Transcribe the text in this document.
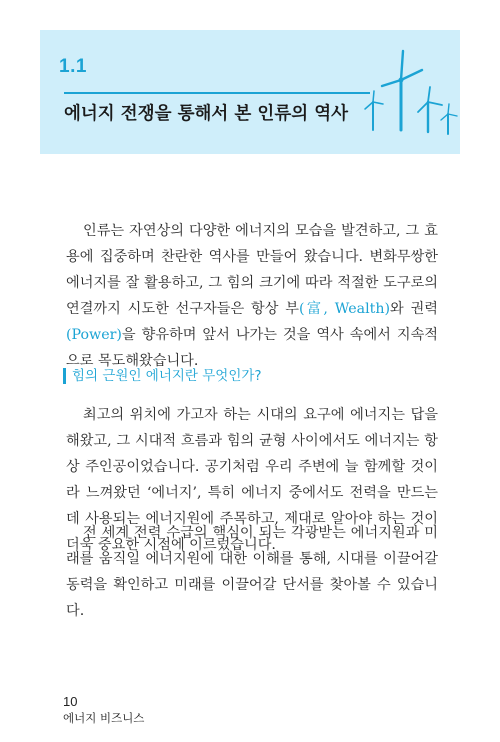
1.1
에너지 전쟁을 통해서 본 인류의 역사

인류는 자연상의 다양한 에너지의 모습을 발견하고, 그 효용에 집중하며 찬란한 역사를 만들어 왔습니다. 변화무쌍한 에너지를 잘 활용하고, 그 힘의 크기에 따라 적절한 도구로의 연결까지 시도한 선구자들은 항상 부(富, Wealth)와 권력(Power)을 향유하며 앞서 나가는 것을 역사 속에서 지속적으로 목도해왔습니다.

힘의 근원인 에너지란 무엇인가?

최고의 위치에 가고자 하는 시대의 요구에 에너지는 답을 해왔고, 그 시대적 흐름과 힘의 균형 사이에서도 에너지는 항상 주인공이었습니다. 공기처럼 우리 주변에 늘 함께할 것이라 느껴왔던 ‘에너지’, 특히 에너지 중에서도 전력을 만드는 데 사용되는 에너지원에 주목하고, 제대로 알아야 하는 것이 더욱 중요한 시점에 이르렀습니다.

전 세계 전력 수급의 핵심이 되는 각광받는 에너지원과 미래를 움직일 에너지원에 대한 이해를 통해, 시대를 이끌어갈 동력을 확인하고 미래를 이끌어갈 단서를 찾아볼 수 있습니다.

10
에너지 비즈니스
